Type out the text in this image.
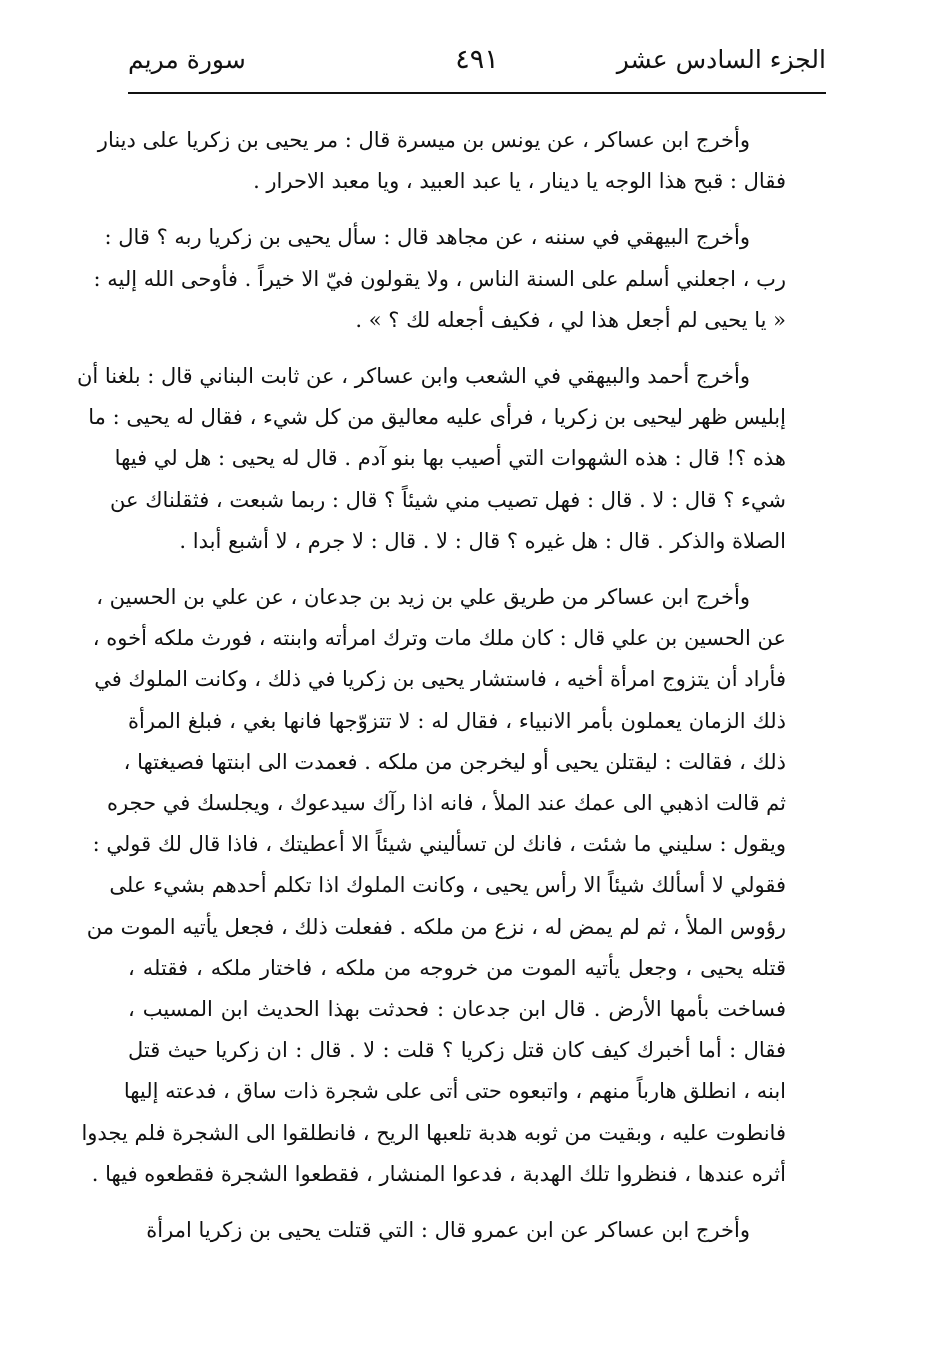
الجزء السادس عشر
٤٩١
سورة مريم
وأخرج ابن عساكر ، عن يونس بن ميسرة قال : مر يحيى بن زكريا على دينار
فقال : قبح هذا الوجه يا دينار ، يا عبد العبيد ، ويا معبد الاحرار .
وأخرج البيهقي في سننه ، عن مجاهد قال : سأل يحيى بن زكريا ربه ؟ قال :
رب ، اجعلني أسلم على السنة الناس ، ولا يقولون فيّ الا خيراً . فأوحى الله إليه :
« يا يحيى لم أجعل هذا لي ، فكيف أجعله لك ؟ » .
وأخرج أحمد والبيهقي في الشعب وابن عساكر ، عن ثابت البناني قال : بلغنا أن
إبليس ظهر ليحيى بن زكريا ، فرأى عليه معاليق من كل شيء ، فقال له يحيى : ما
هذه ؟! قال : هذه الشهوات التي أصيب بها بنو آدم . قال له يحيى : هل لي فيها
شيء ؟ قال : لا . قال : فهل تصيب مني شيئاً ؟ قال : ربما شبعت ، فثقلناك عن
الصلاة والذكر . قال : هل غيره ؟ قال : لا . قال : لا جرم ، لا أشبع أبدا .
وأخرج ابن عساكر من طريق علي بن زيد بن جدعان ، عن علي بن الحسين ،
عن الحسين بن علي قال : كان ملك مات وترك امرأته وابنته ، فورث ملكه أخوه ،
فأراد أن يتزوج امرأة أخيه ، فاستشار يحيى بن زكريا في ذلك ، وكانت الملوك في
ذلك الزمان يعملون بأمر الانبياء ، فقال له : لا تتزوّجها فانها بغي ، فبلغ المرأة
ذلك ، فقالت : ليقتلن يحيى أو ليخرجن من ملكه . فعمدت الى ابنتها فصيغتها ،
ثم قالت اذهبي الى عمك عند الملأ ، فانه اذا رآك سيدعوك ، ويجلسك في حجره
ويقول : سليني ما شئت ، فانك لن تسأليني شيئاً الا أعطيتك ، فاذا قال لك قولي :
فقولي لا أسألك شيئاً الا رأس يحيى ، وكانت الملوك اذا تكلم أحدهم بشيء على
رؤوس الملأ ، ثم لم يمض له ، نزع من ملكه . ففعلت ذلك ، فجعل يأتيه الموت من
قتله يحيى ، وجعل يأتيه الموت من خروجه من ملكه ، فاختار ملكه ، فقتله ،
فساخت بأمها الأرض . قال ابن جدعان : فحدثت بهذا الحديث ابن المسيب ،
فقال : أما أخبرك كيف كان قتل زكريا ؟ قلت : لا . قال : ان زكريا حيث قتل
ابنه ، انطلق هارباً منهم ، واتبعوه حتى أتى على شجرة ذات ساق ، فدعته إليها
فانطوت عليه ، وبقيت من ثوبه هدبة تلعبها الريح ، فانطلقوا الى الشجرة فلم يجدوا
أثره عندها ، فنظروا تلك الهدبة ، فدعوا المنشار ، فقطعوا الشجرة فقطعوه فيها .
وأخرج ابن عساكر عن ابن عمرو قال : التي قتلت يحيى بن زكريا امرأة
